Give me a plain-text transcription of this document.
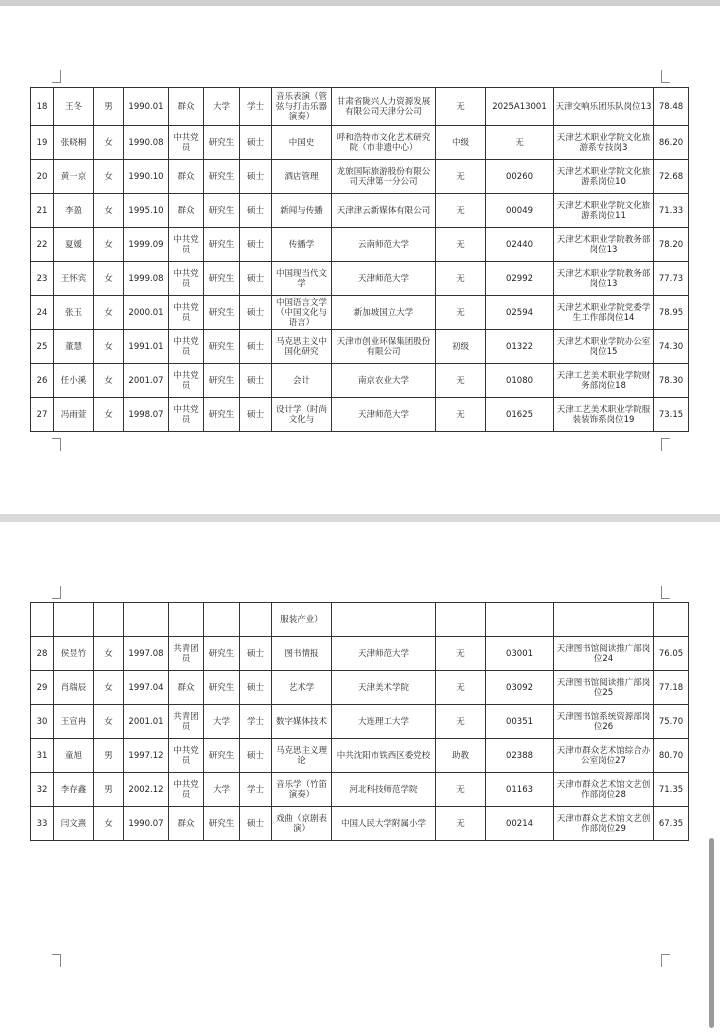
18	王冬	男	1990.01	群众	大学	学士	音乐表演（管弦与打击乐器演奏）	甘肃省陇兴人力资源发展有限公司天津分公司	无	2025A13001	天津交响乐团乐队岗位13	78.48
19	张晓桐	女	1990.08	中共党员	研究生	硕士	中国史	呼和浩特市文化艺术研究院（市非遗中心）	中级	无	天津艺术职业学院文化旅游系专技岗3	86.20
20	黄一京	女	1990.10	群众	研究生	硕士	酒店管理	龙旅国际旅游股份有限公司天津第一分公司	无	00260	天津艺术职业学院文化旅游系岗位10	72.68
21	李盈	女	1995.10	群众	研究生	硕士	新闻与传播	天津津云新媒体有限公司	无	00049	天津艺术职业学院文化旅游系岗位11	71.33
22	夏媛	女	1999.09	中共党员	研究生	硕士	传播学	云南师范大学	无	02440	天津艺术职业学院教务部岗位13	78.20
23	王怀宾	女	1999.08	中共党员	研究生	硕士	中国现当代文学	天津师范大学	无	02992	天津艺术职业学院教务部岗位13	77.73
24	张玉	女	2000.01	中共党员	研究生	硕士	中国语言文学（中国文化与语言）	新加坡国立大学	无	02594	天津艺术职业学院党委学生工作部岗位14	78.95
25	董慧	女	1991.01	中共党员	研究生	硕士	马克思主义中国化研究	天津市创业环保集团股份有限公司	初级	01322	天津艺术职业学院办公室岗位15	74.30
26	任小溪	女	2001.07	中共党员	研究生	硕士	会计	南京农业大学	无	01080	天津工艺美术职业学院财务部岗位18	78.30
27	冯雨萱	女	1998.07	中共党员	研究生	硕士	设计学（时尚文化与	天津师范大学	无	01625	天津工艺美术职业学院服装装饰系岗位19	73.15
							服装产业）					
28	侯昱竹	女	1997.08	共青团员	研究生	硕士	图书情报	天津师范大学	无	03001	天津图书馆阅读推广部岗位24	76.05
29	肖瑞辰	女	1997.04	群众	研究生	硕士	艺术学	天津美术学院	无	03092	天津图书馆阅读推广部岗位25	77.18
30	王宣冉	女	2001.01	共青团员	大学	学士	数字媒体技术	大连理工大学	无	00351	天津图书馆系统资源部岗位26	75.70
31	童旭	男	1997.12	中共党员	研究生	硕士	马克思主义理论	中共沈阳市铁西区委党校	助教	02388	天津市群众艺术馆综合办公室岗位27	80.70
32	李存鑫	男	2002.12	中共党员	大学	学士	音乐学（竹笛演奏）	河北科技师范学院	无	01163	天津市群众艺术馆文艺创作部岗位28	71.35
33	闫文熹	女	1990.07	群众	研究生	硕士	戏曲（京剧表演）	中国人民大学附属小学	无	00214	天津市群众艺术馆文艺创作部岗位29	67.35
